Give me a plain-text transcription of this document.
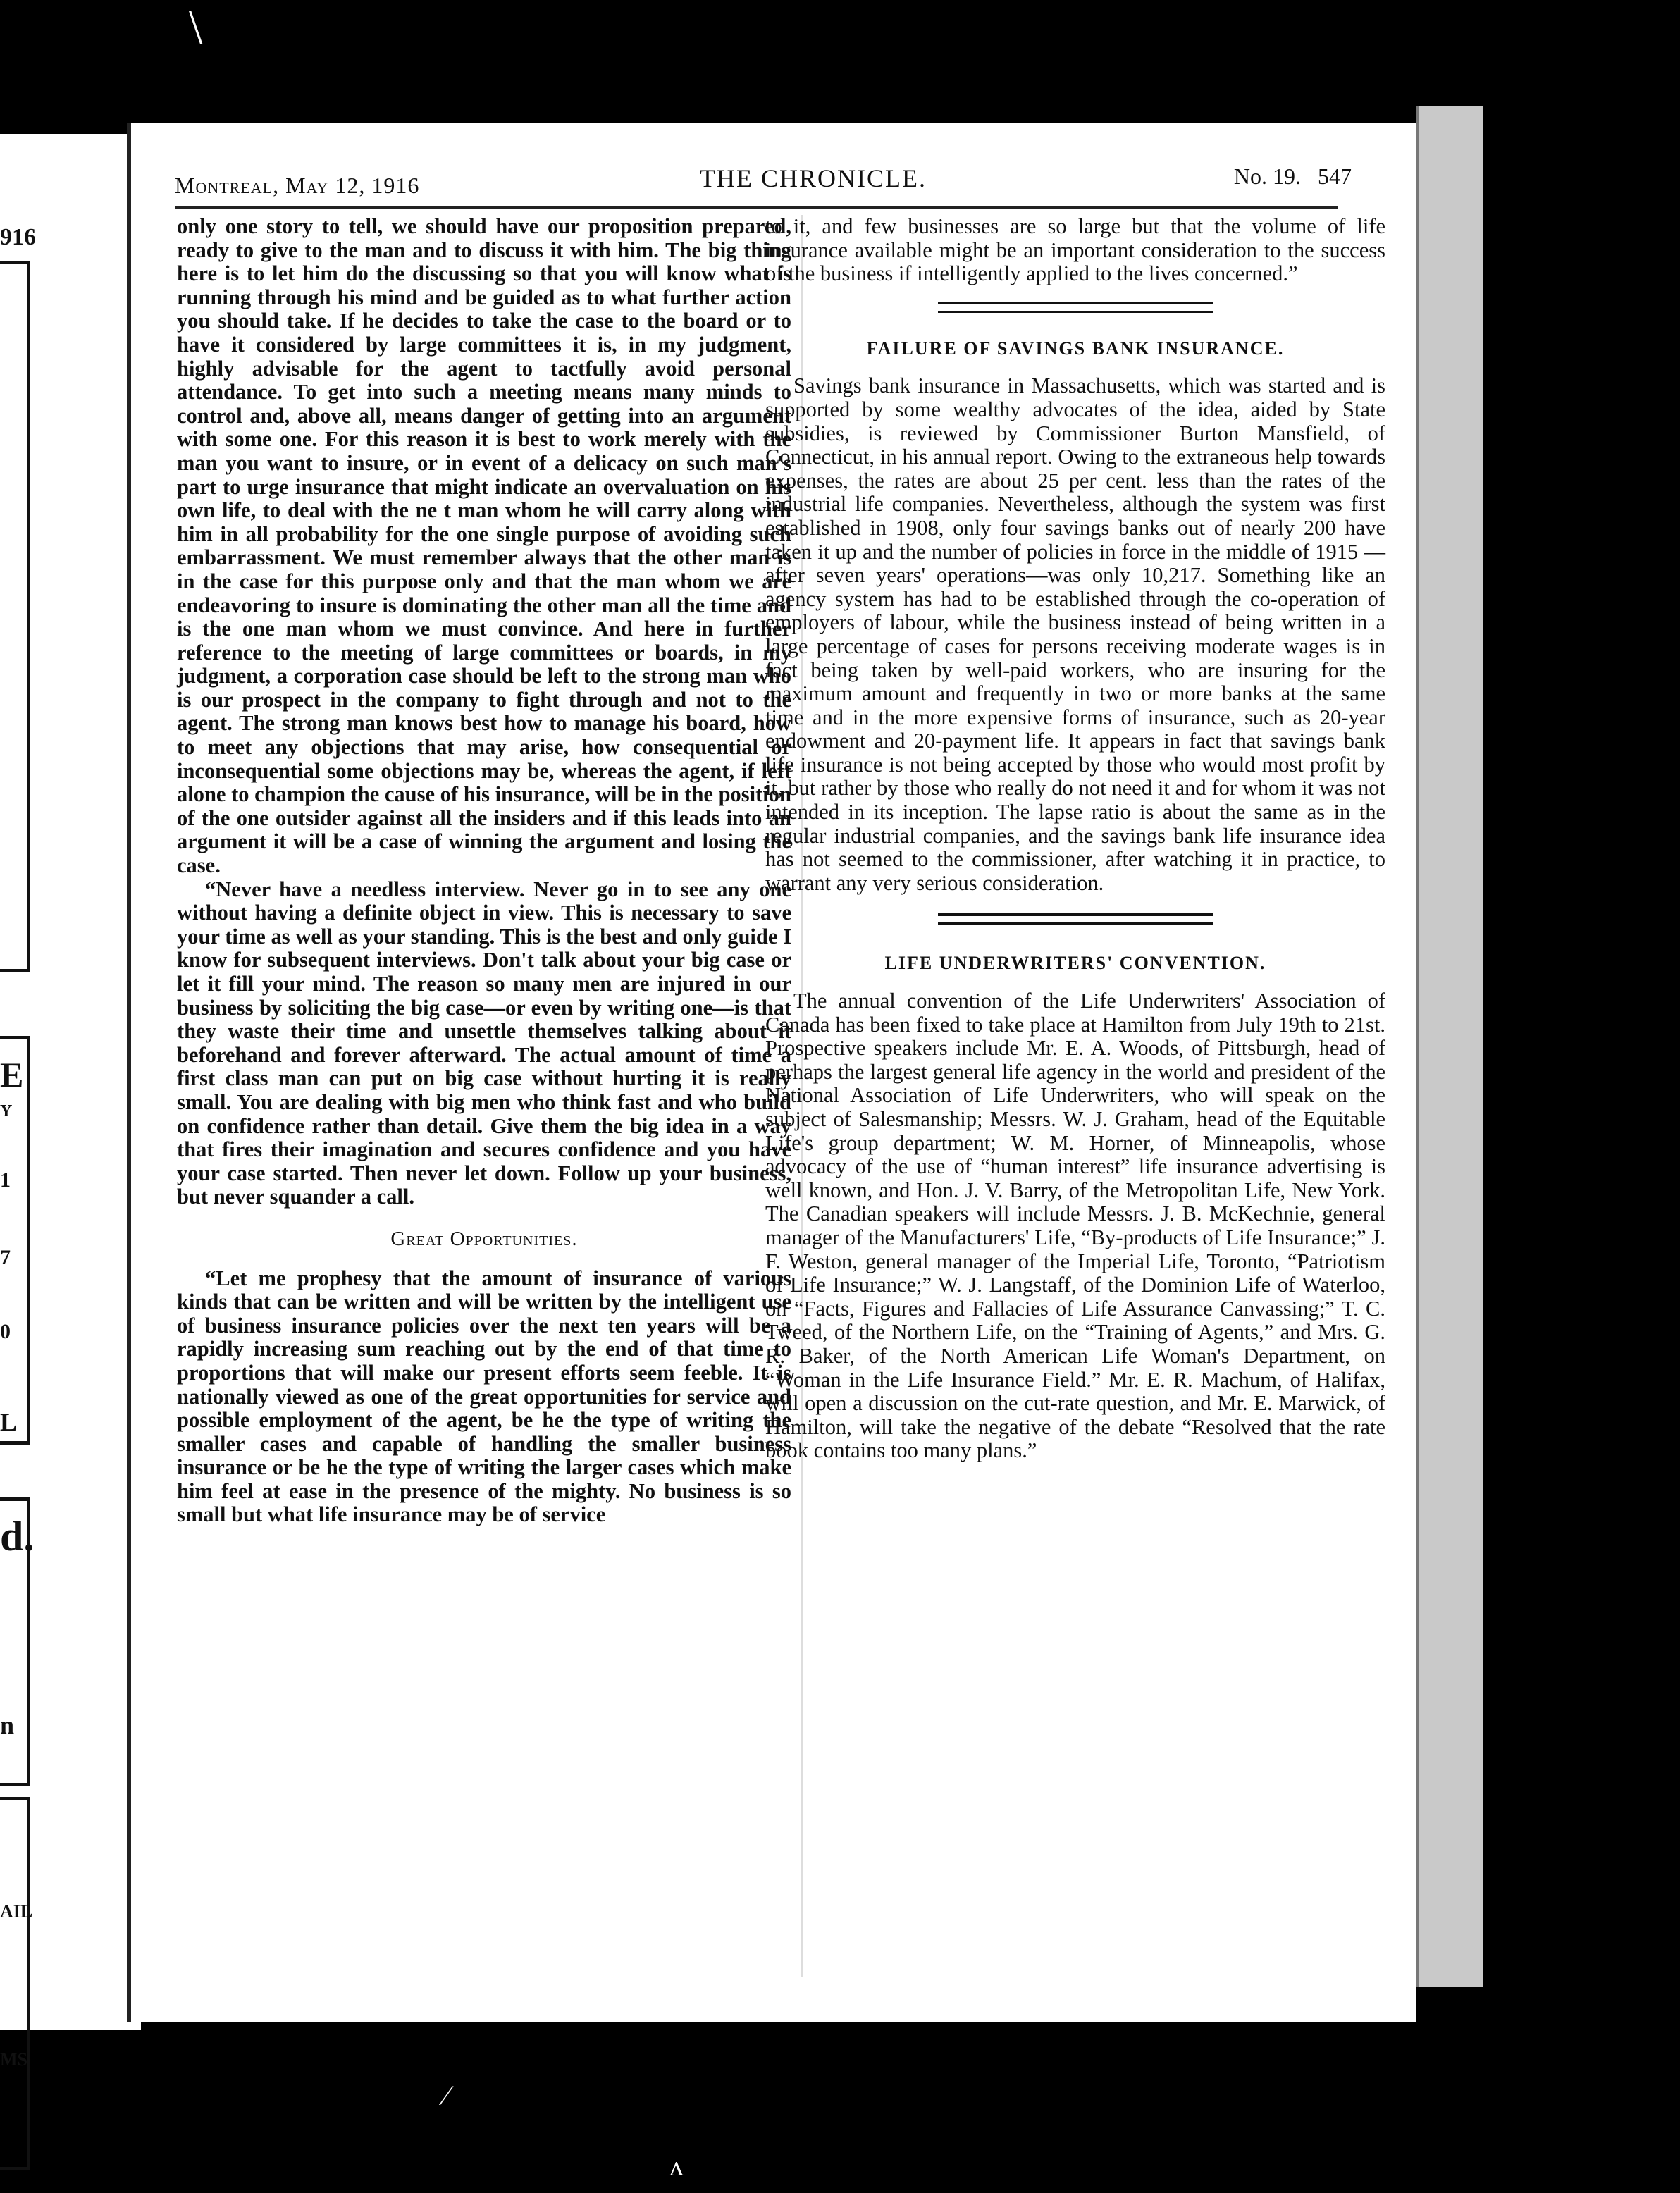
916
E
Y
1
7
0
L
d.
n
AIL
MS
Montreal, May 12, 1916	THE CHRONICLE.	No. 19. 547

only one story to tell, we should have our proposition prepared, ready to give to the man and to discuss it with him. The big thing here is to let him do the discussing so that you will know what is running through his mind and be guided as to what further action you should take. If he decides to take the case to the board or to have it considered by large committees it is, in my judgment, highly advisable for the agent to tactfully avoid personal attendance. To get into such a meeting means many minds to control and, above all, means danger of getting into an argument with some one. For this reason it is best to work merely with the man you want to insure, or in event of a delicacy on such man's part to urge insurance that might indicate an overvaluation on his own life, to deal with the ne t man whom he will carry along with him in all probability for the one single purpose of avoiding such embarrassment. We must remember always that the other man is in the case for this purpose only and that the man whom we are endeavoring to insure is dominating the other man all the time and is the one man whom we must convince. And here in further reference to the meeting of large committees or boards, in my judgment, a corporation case should be left to the strong man who is our prospect in the company to fight through and not to the agent. The strong man knows best how to manage his board, how to meet any objections that may arise, how consequential or inconsequential some objections may be, whereas the agent, if left alone to champion the cause of his insurance, will be in the position of the one outsider against all the insiders and if this leads into an argument it will be a case of winning the argument and losing the case.

“Never have a needless interview. Never go in to see any one without having a definite object in view. This is necessary to save your time as well as your standing. This is the best and only guide I know for subsequent interviews. Don't talk about your big case or let it fill your mind. The reason so many men are injured in our business by soliciting the big case—or even by writing one—is that they waste their time and unsettle themselves talking about it beforehand and forever afterward. The actual amount of time a first class man can put on big case without hurting it is really small. You are dealing with big men who think fast and who build on confidence rather than detail. Give them the big idea in a way that fires their imagination and secures confidence and you have your case started. Then never let down. Follow up your business, but never squander a call.

Great Opportunities.

“Let me prophesy that the amount of insurance of various kinds that can be written and will be written by the intelligent use of business insurance policies over the next ten years will be a rapidly increasing sum reaching out by the end of that time to proportions that will make our present efforts seem feeble. It is nationally viewed as one of the great opportunities for service and possible employment of the agent, be he the type of writing the smaller cases and capable of handling the smaller business insurance or be he the type of writing the larger cases which make him feel at ease in the presence of the mighty. No business is so small but what life insurance may be of service

to it, and few businesses are so large but that the volume of life insurance available might be an important consideration to the success of the business if intelligently applied to the lives concerned.”

FAILURE OF SAVINGS BANK INSURANCE.

Savings bank insurance in Massachusetts, which was started and is supported by some wealthy advocates of the idea, aided by State subsidies, is reviewed by Commissioner Burton Mansfield, of Connecticut, in his annual report. Owing to the extraneous help towards expenses, the rates are about 25 per cent. less than the rates of the industrial life companies. Nevertheless, although the system was first established in 1908, only four savings banks out of nearly 200 have taken it up and the number of policies in force in the middle of 1915 —after seven years' operations—was only 10,217. Something like an agency system has had to be established through the co-operation of employers of labour, while the business instead of being written in a large percentage of cases for persons receiving moderate wages is in fact being taken by well-paid workers, who are insuring for the maximum amount and frequently in two or more banks at the same time and in the more expensive forms of insurance, such as 20-year endowment and 20-payment life. It appears in fact that savings bank life insurance is not being accepted by those who would most profit by it, but rather by those who really do not need it and for whom it was not intended in its inception. The lapse ratio is about the same as in the regular industrial companies, and the savings bank life insurance idea has not seemed to the commissioner, after watching it in practice, to warrant any very serious consideration.

LIFE UNDERWRITERS' CONVENTION.

The annual convention of the Life Underwriters' Association of Canada has been fixed to take place at Hamilton from July 19th to 21st. Prospective speakers include Mr. E. A. Woods, of Pittsburgh, head of perhaps the largest general life agency in the world and president of the National Association of Life Underwriters, who will speak on the subject of Salesmanship; Messrs. W. J. Graham, head of the Equitable Life's group department; W. M. Horner, of Minneapolis, whose advocacy of the use of “human interest” life insurance advertising is well known, and Hon. J. V. Barry, of the Metropolitan Life, New York. The Canadian speakers will include Messrs. J. B. McKechnie, general manager of the Manufacturers' Life, “By-products of Life Insurance;” J. F. Weston, general manager of the Imperial Life, Toronto, “Patriotism of Life Insurance;” W. J. Langstaff, of the Dominion Life of Waterloo, on “Facts, Figures and Fallacies of Life Assurance Canvassing;” T. C. Tweed, of the Northern Life, on the “Training of Agents,” and Mrs. G. R. Baker, of the North American Life Woman's Department, on “Woman in the Life Insurance Field.” Mr. E. R. Machum, of Halifax, will open a discussion on the cut-rate question, and Mr. E. Marwick, of Hamilton, will take the negative of the debate “Resolved that the rate book contains too many plans.”

\
⁄
ᴧ
